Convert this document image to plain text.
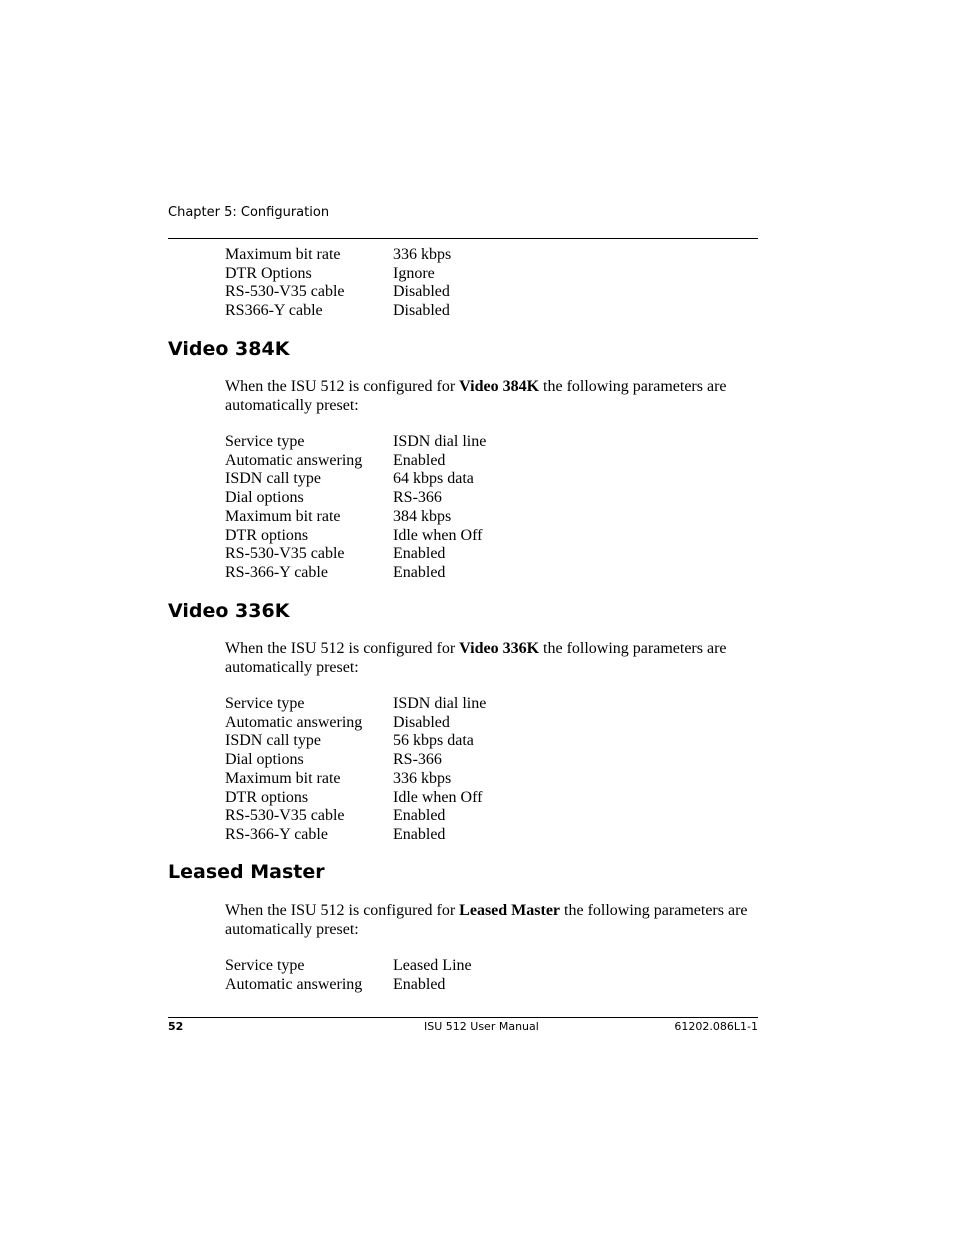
Chapter 5: Configuration
Maximum bit rate	336 kbps
DTR Options	Ignore
RS-530-V35 cable	Disabled
RS366-Y cable	Disabled
Video 384K

When the ISU 512 is configured for Video 384K the following parameters are automatically preset:

Service type	ISDN dial line
Automatic answering	Enabled
ISDN call type	64 kbps data
Dial options	RS-366
Maximum bit rate	384 kbps
DTR options	Idle when Off
RS-530-V35 cable	Enabled
RS-366-Y cable	Enabled
Video 336K

When the ISU 512 is configured for Video 336K the following parameters are automatically preset:

Service type	ISDN dial line
Automatic answering	Disabled
ISDN call type	56 kbps data
Dial options	RS-366
Maximum bit rate	336 kbps
DTR options	Idle when Off
RS-530-V35 cable	Enabled
RS-366-Y cable	Enabled
Leased Master

When the ISU 512 is configured for Leased Master the following parameters are automatically preset:

Service type	Leased Line
Automatic answering	Enabled
52	ISU 512 User Manual	61202.086L1-1
